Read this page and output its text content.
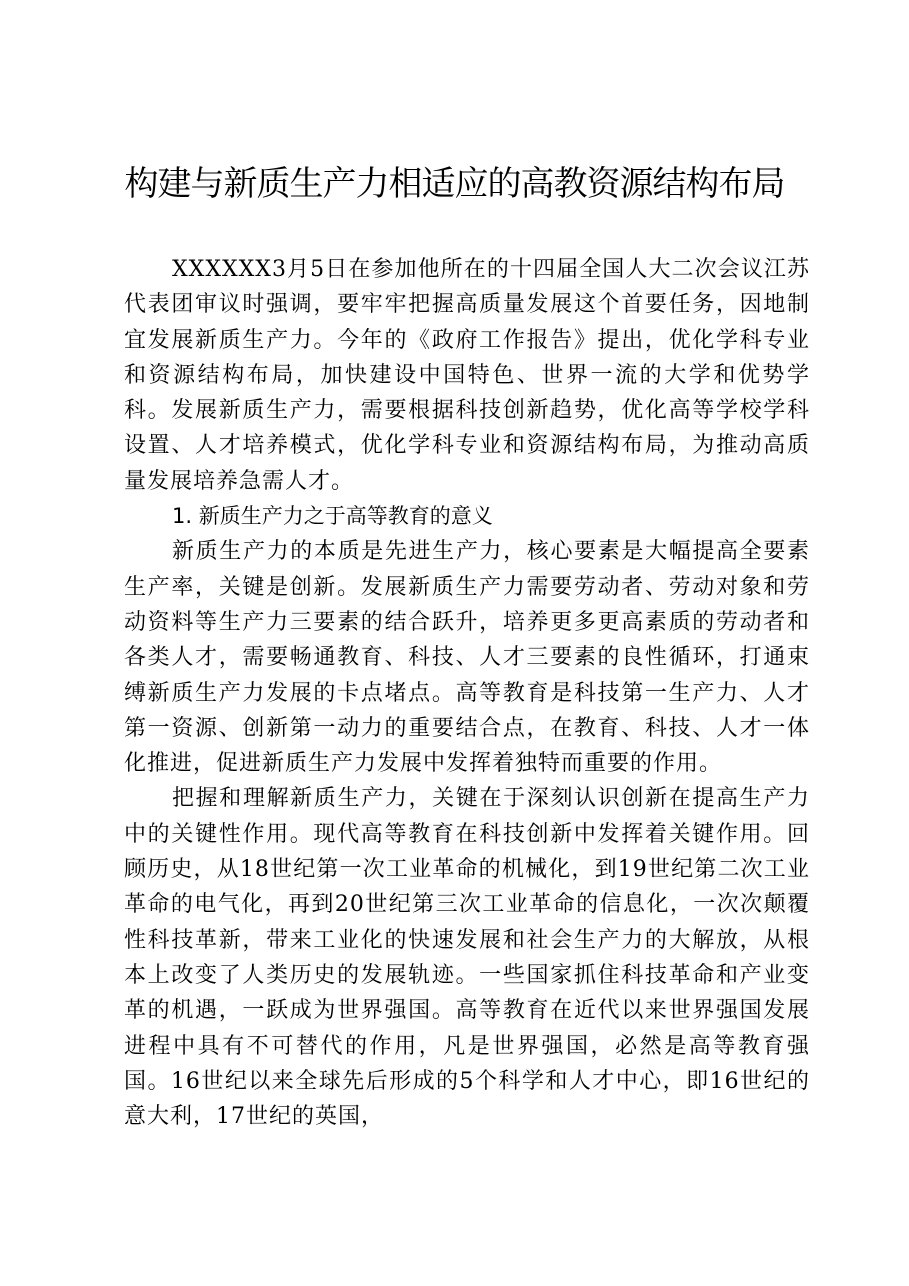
构建与新质生产力相适应的高教资源结构布局

XXXXXX3月5日在参加他所在的十四届全国人大二次会议江苏代表团审议时强调，要牢牢把握高质量发展这个首要任务，因地制宜发展新质生产力。今年的《政府工作报告》提出，优化学科专业和资源结构布局，加快建设中国特色、世界一流的大学和优势学科。发展新质生产力，需要根据科技创新趋势，优化高等学校学科设置、人才培养模式，优化学科专业和资源结构布局，为推动高质量发展培养急需人才。

1. 新质生产力之于高等教育的意义

新质生产力的本质是先进生产力，核心要素是大幅提高全要素生产率，关键是创新。发展新质生产力需要劳动者、劳动对象和劳动资料等生产力三要素的结合跃升，培养更多更高素质的劳动者和各类人才，需要畅通教育、科技、人才三要素的良性循环，打通束缚新质生产力发展的卡点堵点。高等教育是科技第一生产力、人才第一资源、创新第一动力的重要结合点，在教育、科技、人才一体化推进，促进新质生产力发展中发挥着独特而重要的作用。

把握和理解新质生产力，关键在于深刻认识创新在提高生产力中的关键性作用。现代高等教育在科技创新中发挥着关键作用。回顾历史，从18世纪第一次工业革命的机械化，到19世纪第二次工业革命的电气化，再到20世纪第三次工业革命的信息化，一次次颠覆性科技革新，带来工业化的快速发展和社会生产力的大解放，从根本上改变了人类历史的发展轨迹。一些国家抓住科技革命和产业变革的机遇，一跃成为世界强国。高等教育在近代以来世界强国发展进程中具有不可替代的作用，凡是世界强国，必然是高等教育强国。16世纪以来全球先后形成的5个科学和人才中心，即16世纪的意大利，17世纪的英国，
